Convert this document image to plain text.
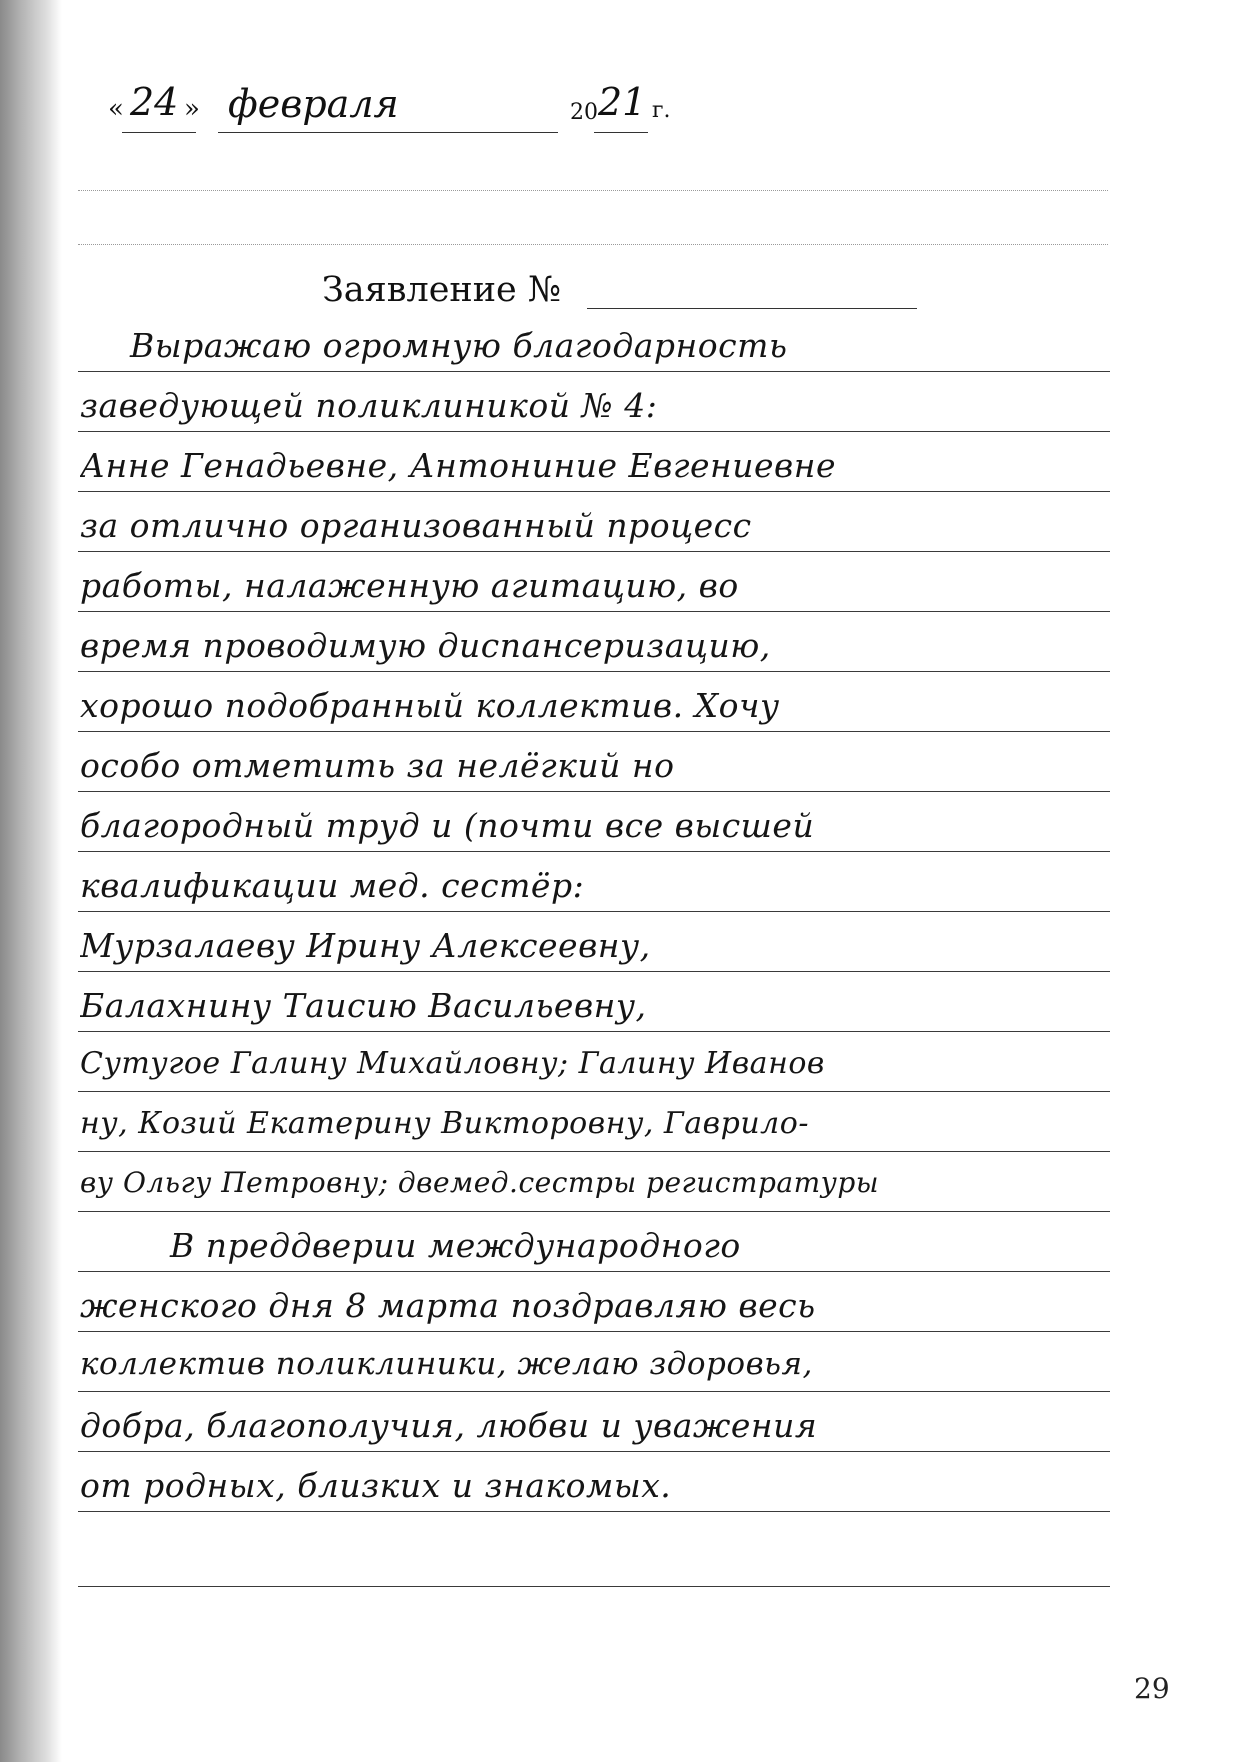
« 24 » февраля	20 21 г.
Заявление №
Выражаю огромную благодарность
заведующей поликлиникой № 4:
Анне Генадьевне, Антониние Евгениевне
за отлично организованный процесс
работы, налаженную агитацию, во
время проводимую диспансеризацию,
хорошо подобранный коллектив. Хочу
особо отметить за нелёгкий но
благородный труд и (почти все высшей
квалификации мед. сестёр:
Мурзалаеву Ирину Алексеевну,
Балахнину Таисию Васильевну,
Сутугое Галину Михайловну; Галину Иванов
ну, Козий Екатерину Викторовну, Гаврило-
ву Ольгу Петровну; двемед.сестры регистратуры
В преддверии международного
женского дня 8 марта поздравляю весь
коллектив поликлиники, желаю здоровья,
добра, благополучия, любви и уважения
от родных, близких и знакомых.
29
